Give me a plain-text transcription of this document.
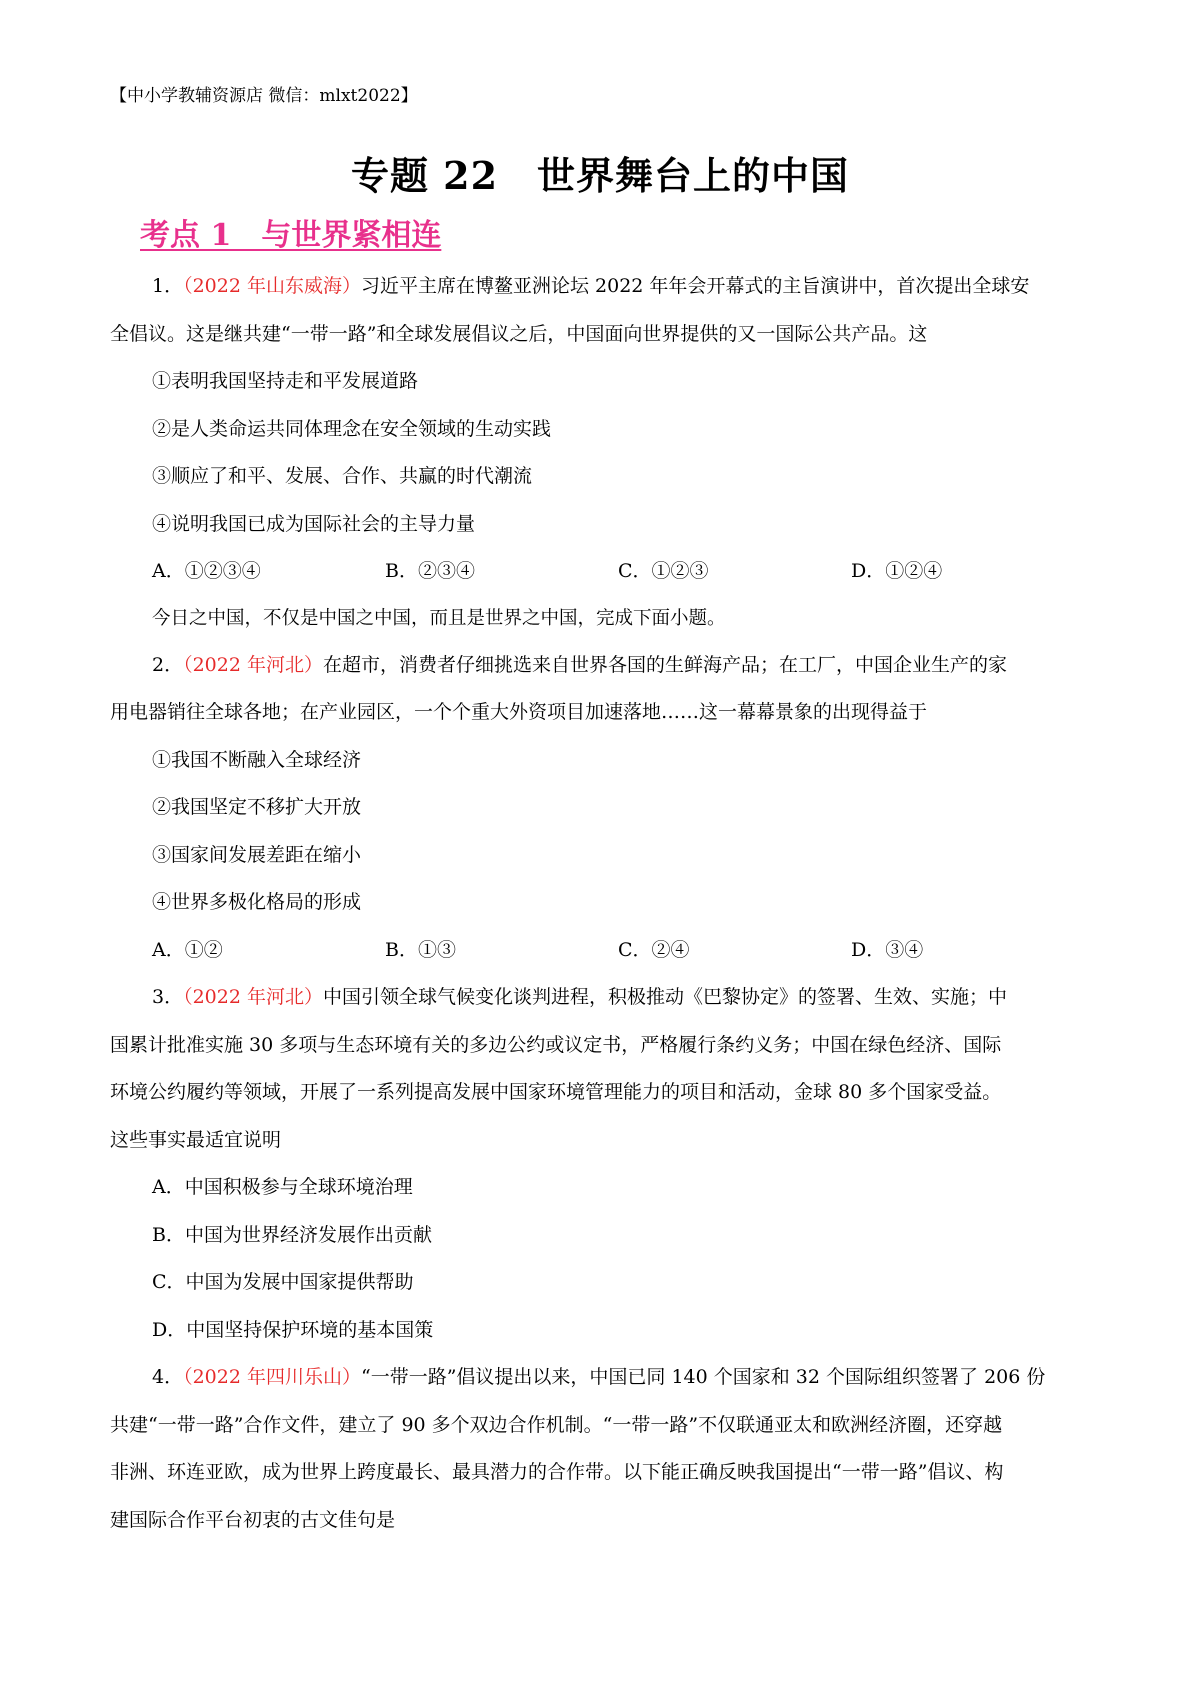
【中小学教辅资源店 微信：mlxt2022】
专题 22　世界舞台上的中国
考点 1　与世界紧相连
1．（2022 年山东威海）习近平主席在博鳌亚洲论坛 2022 年年会开幕式的主旨演讲中，首次提出全球安
全倡议。这是继共建“一带一路”和全球发展倡议之后，中国面向世界提供的又一国际公共产品。这
①表明我国坚持走和平发展道路
②是人类命运共同体理念在安全领域的生动实践
③顺应了和平、发展、合作、共赢的时代潮流
④说明我国已成为国际社会的主导力量
A．①②③④	B．②③④	C．①②③	D．①②④
今日之中国，不仅是中国之中国，而且是世界之中国，完成下面小题。
2．（2022 年河北）在超市，消费者仔细挑选来自世界各国的生鲜海产品；在工厂，中国企业生产的家
用电器销往全球各地；在产业园区，一个个重大外资项目加速落地……这一幕幕景象的出现得益于
①我国不断融入全球经济
②我国坚定不移扩大开放
③国家间发展差距在缩小
④世界多极化格局的形成
A．①②	B．①③	C．②④	D．③④
3．（2022 年河北）中国引领全球气候变化谈判进程，积极推动《巴黎协定》的签署、生效、实施；中
国累计批准实施 30 多项与生态环境有关的多边公约或议定书，严格履行条约义务；中国在绿色经济、国际
环境公约履约等领域，开展了一系列提高发展中国家环境管理能力的项目和活动，金球 80 多个国家受益。
这些事实最适宜说明
A．中国积极参与全球环境治理
B．中国为世界经济发展作出贡献
C．中国为发展中国家提供帮助
D．中国坚持保护环境的基本国策
4．（2022 年四川乐山）“一带一路”倡议提出以来，中国已同 140 个国家和 32 个国际组织签署了 206 份
共建“一带一路”合作文件，建立了 90 多个双边合作机制。“一带一路”不仅联通亚太和欧洲经济圈，还穿越
非洲、环连亚欧，成为世界上跨度最长、最具潜力的合作带。以下能正确反映我国提出“一带一路”倡议、构
建国际合作平台初衷的古文佳句是
